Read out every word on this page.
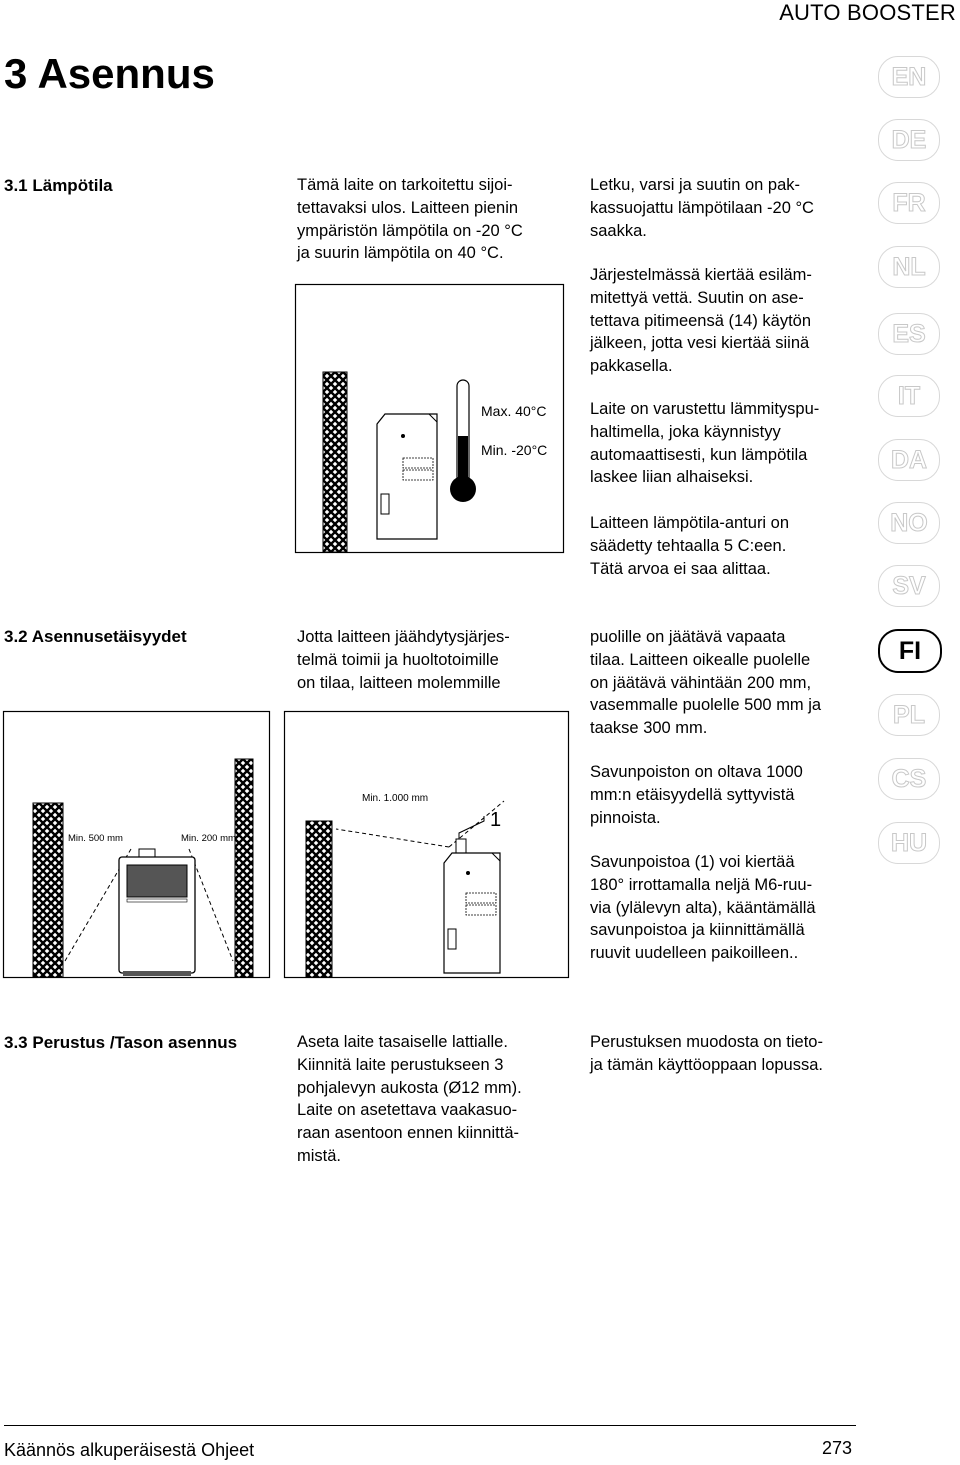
AUTO BOOSTER
3 Asennus	EN
DE
FR
NL
ES
IT
DA
NO
SV
FI
PL
CS
HU
3.1 Lämpötila	Tämä laite on tarkoitettu sijoi-
tettavaksi ulos. Laitteen pienin
ympäristön lämpötila on -20 °C
ja suurin lämpötila on 40 °C.
Letku, varsi ja suutin on pak-
kassuojattu lämpötilaan -20 °C
saakka.
Järjestelmässä kiertää esiläm-
mitettyä vettä. Suutin on ase-
tettava pitimeensä (14) käytön
jälkeen, jotta vesi kiertää siinä
pakkasella.
Laite on varustettu lämmityspu-
haltimella, joka käynnistyy
automaattisesti, kun lämpötila
laskee liian alhaiseksi.
Laitteen lämpötila-anturi on
säädetty tehtaalla 5 C:een.
Tätä arvoa ei saa alittaa.
Max. 40°C
Min. -20°C
3.2 Asennusetäisyydet	Jotta laitteen jäähdytysjärjes-
telmä toimii ja huoltotoimille
on tilaa, laitteen molemmille
puolille on jäätävä vapaata
tilaa. Laitteen oikealle puolelle
on jäätävä vähintään 200 mm,
vasemmalle puolelle 500 mm ja
taakse 300 mm.
Savunpoiston on oltava 1000
mm:n etäisyydellä syttyvistä
pinnoista.
Savunpoistoa (1) voi kiertää
180° irrottamalla neljä M6-ruu-
via (ylälevyn alta), kääntämällä
savunpoistoa ja kiinnittämällä
ruuvit uudelleen paikoilleen..
Min. 500 mm	Min. 200 mm
Min. 1.000 mm
1
3.3 Perustus /Tason asennus	Aseta laite tasaiselle lattialle.
Kiinnitä laite perustukseen 3
pohjalevyn aukosta (Ø12 mm).
Laite on asetettava vaakasuo-
raan asentoon ennen kiinnittä-
mistä.
Perustuksen muodosta on tieto-
ja tämän käyttöoppaan lopussa.
Käännös alkuperäisestä Ohjeet	273
